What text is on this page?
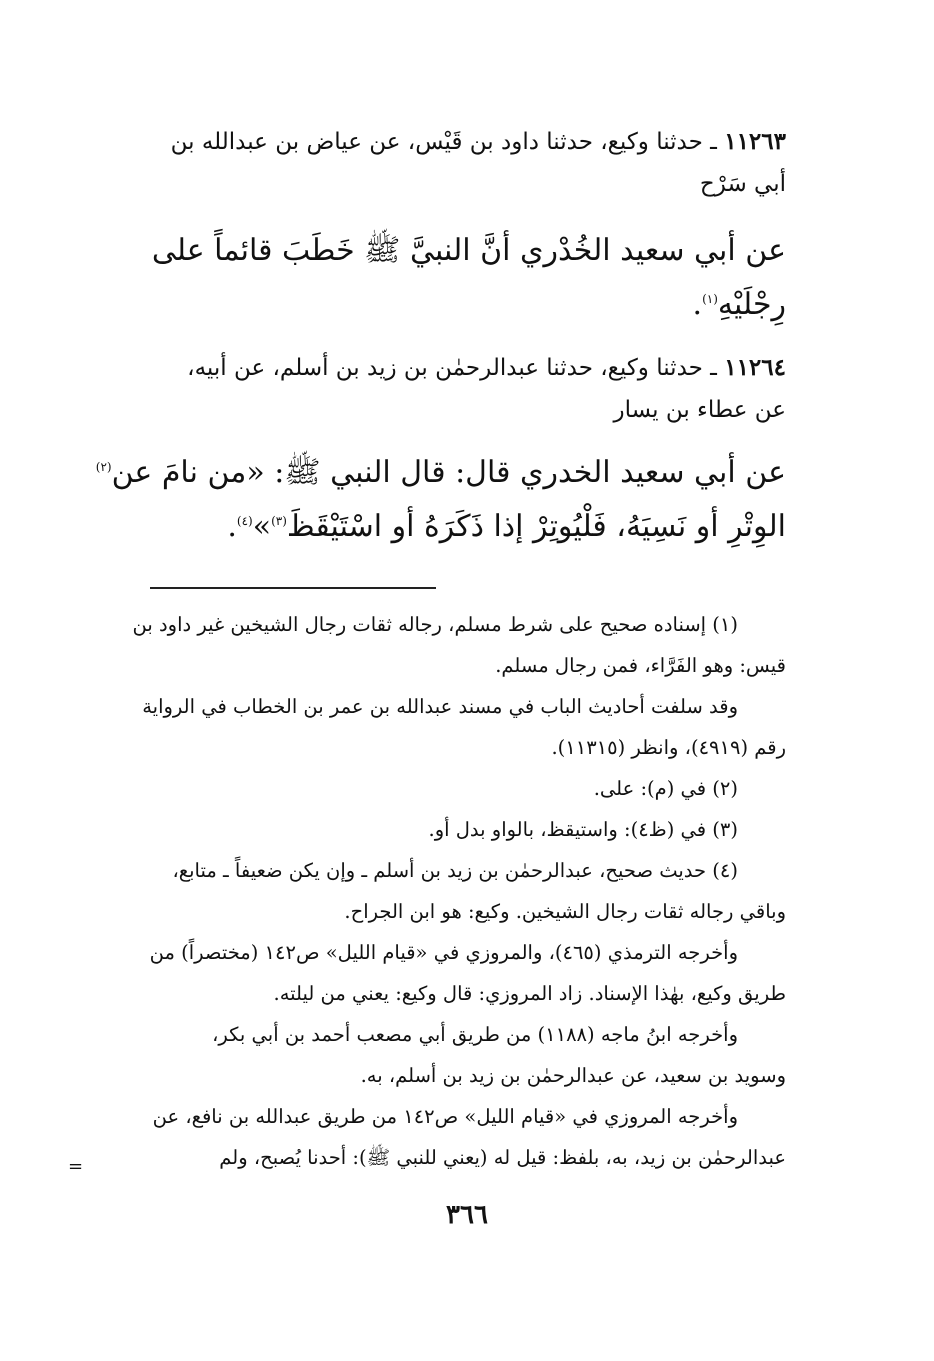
١١٢٦٣ ـ حدثنا وكيع، حدثنا داود بن قَيْس، عن عياض بن عبدالله بن
أبي سَرْح
عن أبي سعيد الخُدْري أنَّ النبيَّ ﷺ خَطَبَ قائماً على
رِجْلَيْهِ$^{(١)}$.
١١٢٦٤ ـ حدثنا وكيع، حدثنا عبدالرحمٰن بن زيد بن أسلم، عن أبيه،
عن عطاء بن يسار
عن أبي سعيد الخدري قال: قال النبي ﷺ: «من نامَ عن$^{(٢)}$
الوِتْرِ أو نَسِيَهُ، فَلْيُوتِرْ إذا ذَكَرَهُ أو اسْتَيْقَظَ$^{(٣)}$»$^{(٤)}$.
(١) إسناده صحيح على شرط مسلم، رجاله ثقات رجال الشيخين غير داود بن
قيس: وهو الفَرَّاء، فمن رجال مسلم.
وقد سلفت أحاديث الباب في مسند عبدالله بن عمر بن الخطاب في الرواية
رقم (٤٩١٩)، وانظر (١١٣١٥).
(٢) في (م): على.
(٣) في (ظ٤): واستيقظ، بالواو بدل أو.
(٤) حديث صحيح، عبدالرحمٰن بن زيد بن أسلم ـ وإن يكن ضعيفاً ـ متابع،
وباقي رجاله ثقات رجال الشيخين. وكيع: هو ابن الجراح.
وأخرجه الترمذي (٤٦٥)، والمروزي في «قيام الليل» ص١٤٢ (مختصراً) من
طريق وكيع، بهٰذا الإسناد. زاد المروزي: قال وكيع: يعني من ليلته.
وأخرجه ابنُ ماجه (١١٨٨) من طريق أبي مصعب أحمد بن أبي بكر،
وسويد بن سعيد، عن عبدالرحمٰن بن زيد بن أسلم، به.
وأخرجه المروزي في «قيام الليل» ص١٤٢ من طريق عبدالله بن نافع، عن
عبدالرحمٰن بن زيد، به، بلفظ: قيل له (يعني للنبي ﷺ): أحدنا يُصبح، ولم
=
٣٦٦
